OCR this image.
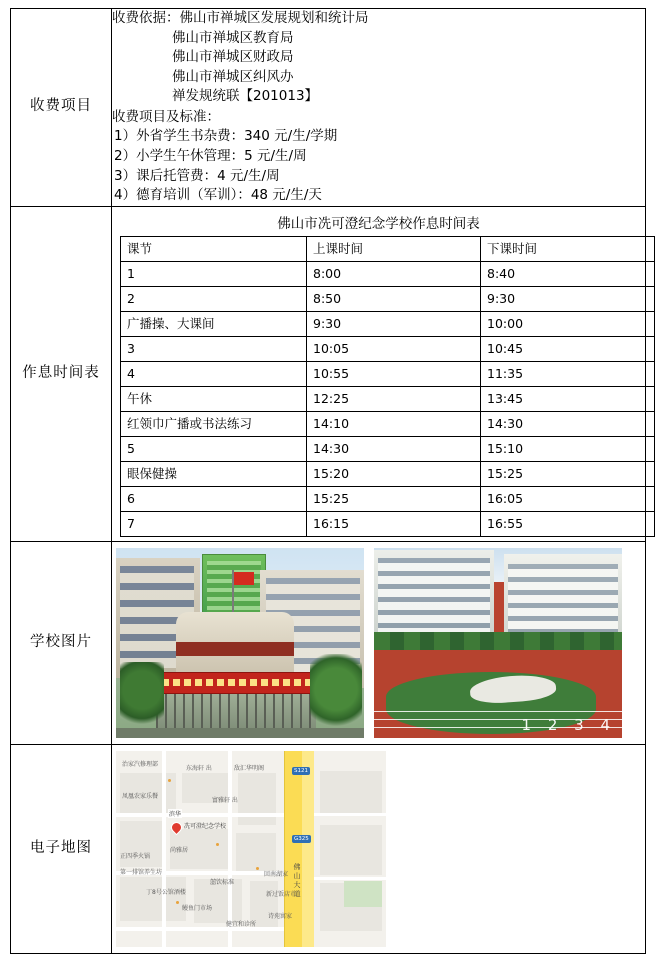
收费项目	
收费依据：佛山市禅城区发展规划和统计局
佛山市禅城区教育局
佛山市禅城区财政局
佛山市禅城区纠风办
禅发规统联【201013】
收费项目及标准：
1）外省学生书杂费：340 元/生/学期
2）小学生午休管理：5 元/生/周
3）课后托管费：4 元/生/周
4）德育培训（军训）：48 元/生/天

作息时间表

佛山市冼可澄纪念学校作息时间表
课节	上课时间	下课时间
1	8:00	8:40
2	8:50	9:30
广播操、大课间	9:30	10:00
3	10:05	10:45
4	10:55	11:35
午休	12:25	13:45
红领巾广播或书法练习	14:10	14:30
5	14:30	15:10
眼保健操	15:20	15:25
6	15:25	16:05
7	16:15	16:55

学校图片	
1 2 3 4

电子地图	
佛山大道
S121
G325
冼可澄纪念学校
滨华
治家汽修理部
东海轩 出	敌汇华明阁
凤凰农家乐餐
富雅轩 出
正四季火锅
尚雅居
第一排馆养生坊
丁8号公馆酒楼
囍饮标准
回南湖家
新过饭店市
鳗鱼门市场
诗苑寓家
健宜和诊所
